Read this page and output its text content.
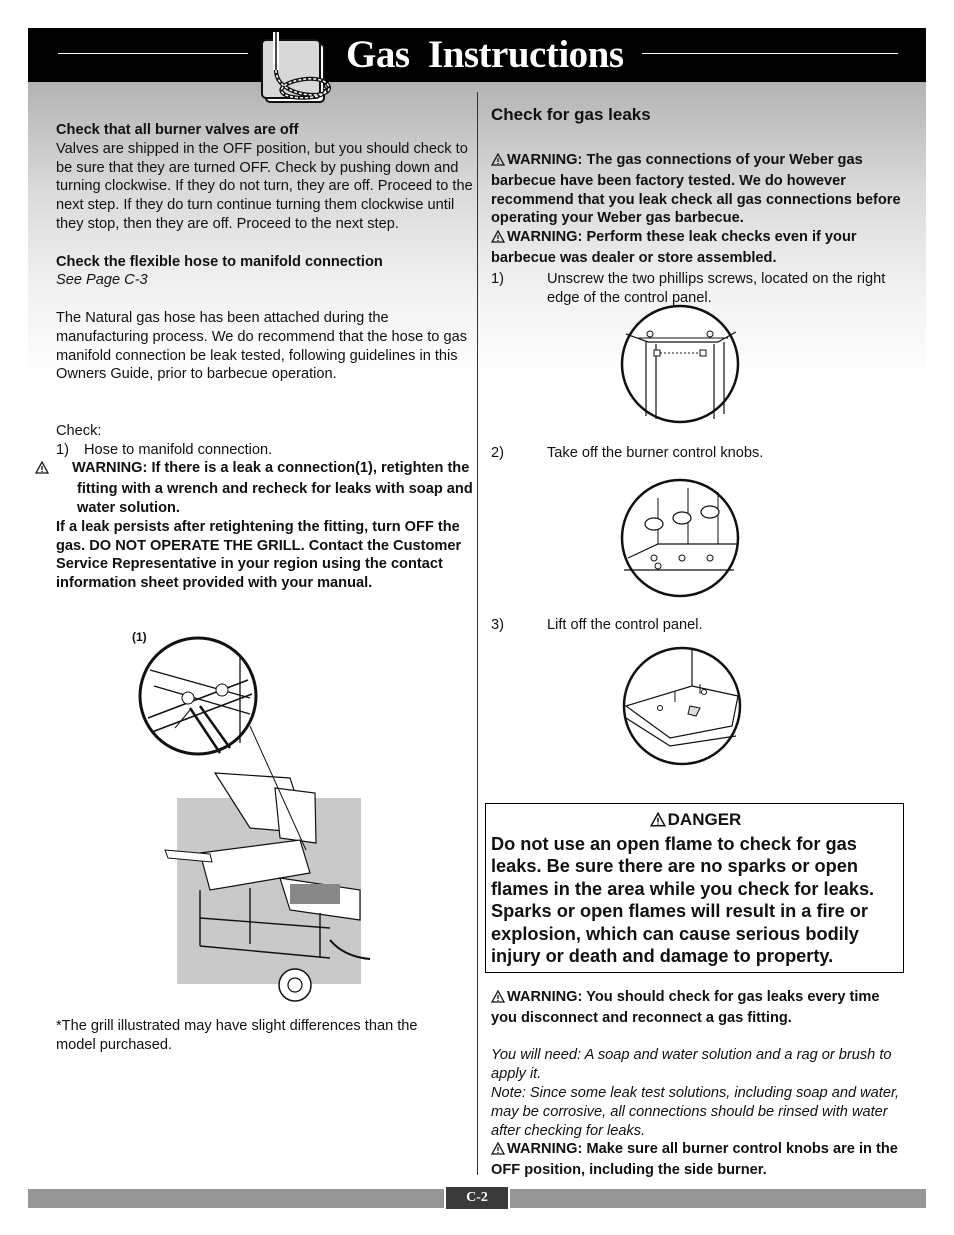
Gas  Instructions

Check that all burner valves are off

Valves are shipped in the OFF position, but you should check to be sure that they are turned OFF. Check by pushing down and turning clockwise. If they do not turn, they are off. Proceed to the next step. If they do turn continue turning them clockwise until they stop, then they are off. Proceed to the next step.

Check the flexible hose to manifold connection

See Page C-3

The Natural gas hose has been attached during the manufacturing process. We do recommend that the hose to gas manifold connection be leak tested, following guidelines in this Owners Guide, prior to barbecue operation.

Check:

1)	Hose to manifold connection.

WARNING: If there is a leak a connection(1), retighten the fitting with a wrench and recheck for leaks with soap and water solution.

If a leak persists after retightening the fitting, turn OFF the gas. DO NOT OPERATE THE GRILL. Contact the Customer Service Representative in your region using the contact information sheet provided with your manual.

(1)

*The grill illustrated may have slight differences than the model purchased.

Check for gas leaks

WARNING: The gas connections of your Weber gas barbecue have been factory tested. We do however recommend that you leak check all gas connections before operating your Weber gas barbecue.

WARNING: Perform these leak checks even if your barbecue was dealer or store assembled.

1)	Unscrew the two phillips screws, located on the right edge of the control panel.
2)	Take off the burner control knobs.
3)	Lift off the control panel.
DANGER

Do not use an open flame to check for gas leaks. Be sure there are no sparks or open flames in the area while you check for leaks. Sparks or open flames will result in a fire or explosion, which can cause serious bodily injury or death and damage to property.

WARNING: You should check for gas leaks every time you disconnect and reconnect a gas fitting.

You will need: A soap and water solution and a rag or brush to apply it.

Note: Since some leak test solutions, including soap and water, may be corrosive, all connections should be rinsed with water after checking for leaks.

WARNING: Make sure all burner control knobs are in the OFF position, including the side burner.

C-2
